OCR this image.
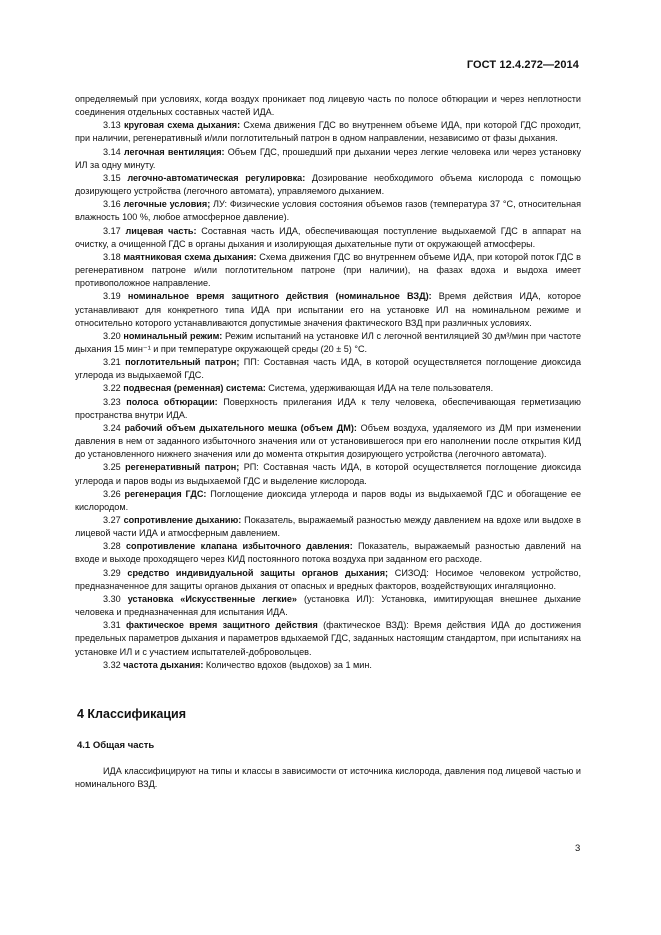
ГОСТ 12.4.272—2014

определяемый при условиях, когда воздух проникает под лицевую часть по полосе обтюрации и через неплотности соединения отдельных составных частей ИДА.

3.13 круговая схема дыхания: Схема движения ГДС во внутреннем объеме ИДА, при которой ГДС проходит, при наличии, регенеративный и/или поглотительный патрон в одном направлении, независимо от фазы дыхания.

3.14 легочная вентиляция: Объем ГДС, прошедший при дыхании через легкие человека или через установку ИЛ за одну минуту.

3.15 легочно-автоматическая регулировка: Дозирование необходимого объема кислорода с помощью дозирующего устройства (легочного автомата), управляемого дыханием.

3.16 легочные условия; ЛУ: Физические условия состояния объемов газов (температура 37 °С, относительная влажность 100 %, любое атмосферное давление).

3.17 лицевая часть: Составная часть ИДА, обеспечивающая поступление выдыхаемой ГДС в аппарат на очистку, а очищенной ГДС в органы дыхания и изолирующая дыхательные пути от окружающей атмосферы.

3.18 маятниковая схема дыхания: Схема движения ГДС во внутреннем объеме ИДА, при которой поток ГДС в регенеративном патроне и/или поглотительном патроне (при наличии), на фазах вдоха и выдоха имеет противоположное направление.

3.19 номинальное время защитного действия (номинальное ВЗД): Время действия ИДА, которое устанавливают для конкретного типа ИДА при испытании его на установке ИЛ на номинальном режиме и относительно которого устанавливаются допустимые значения фактического ВЗД при различных условиях.

3.20 номинальный режим: Режим испытаний на установке ИЛ с легочной вентиляцией 30 дм³/мин при частоте дыхания 15 мин⁻¹ и при температуре окружающей среды (20 ± 5) °С.

3.21 поглотительный патрон; ПП: Составная часть ИДА, в которой осуществляется поглощение диоксида углерода из выдыхаемой ГДС.

3.22 подвесная (ременная) система: Система, удерживающая ИДА на теле пользователя.

3.23 полоса обтюрации: Поверхность прилегания ИДА к телу человека, обеспечивающая герметизацию пространства внутри ИДА.

3.24 рабочий объем дыхательного мешка (объем ДМ): Объем воздуха, удаляемого из ДМ при изменении давления в нем от заданного избыточного значения или от установившегося при его наполнении после открытия КИД до установленного нижнего значения или до момента открытия дозирующего устройства (легочного автомата).

3.25 регенеративный патрон; РП: Составная часть ИДА, в которой осуществляется поглощение диоксида углерода и паров воды из выдыхаемой ГДС и выделение кислорода.

3.26 регенерация ГДС: Поглощение диоксида углерода и паров воды из выдыхаемой ГДС и обогащение ее кислородом.

3.27 сопротивление дыханию: Показатель, выражаемый разностью между давлением на вдохе или выдохе в лицевой части ИДА и атмосферным давлением.

3.28 сопротивление клапана избыточного давления: Показатель, выражаемый разностью давлений на входе и выходе проходящего через КИД постоянного потока воздуха при заданном его расходе.

3.29 средство индивидуальной защиты органов дыхания; СИЗОД: Носимое человеком устройство, предназначенное для защиты органов дыхания от опасных и вредных факторов, воздействующих ингаляционно.

3.30 установка «Искусственные легкие» (установка ИЛ): Установка, имитирующая внешнее дыхание человека и предназначенная для испытания ИДА.

3.31 фактическое время защитного действия (фактическое ВЗД): Время действия ИДА до достижения предельных параметров дыхания и параметров вдыхаемой ГДС, заданных настоящим стандартом, при испытаниях на установке ИЛ и с участием испытателей-добровольцев.

3.32 частота дыхания: Количество вдохов (выдохов) за 1 мин.

4 Классификация

4.1 Общая часть

ИДА классифицируют на типы и классы в зависимости от источника кислорода, давления под лицевой частью и номинального ВЗД.

3
